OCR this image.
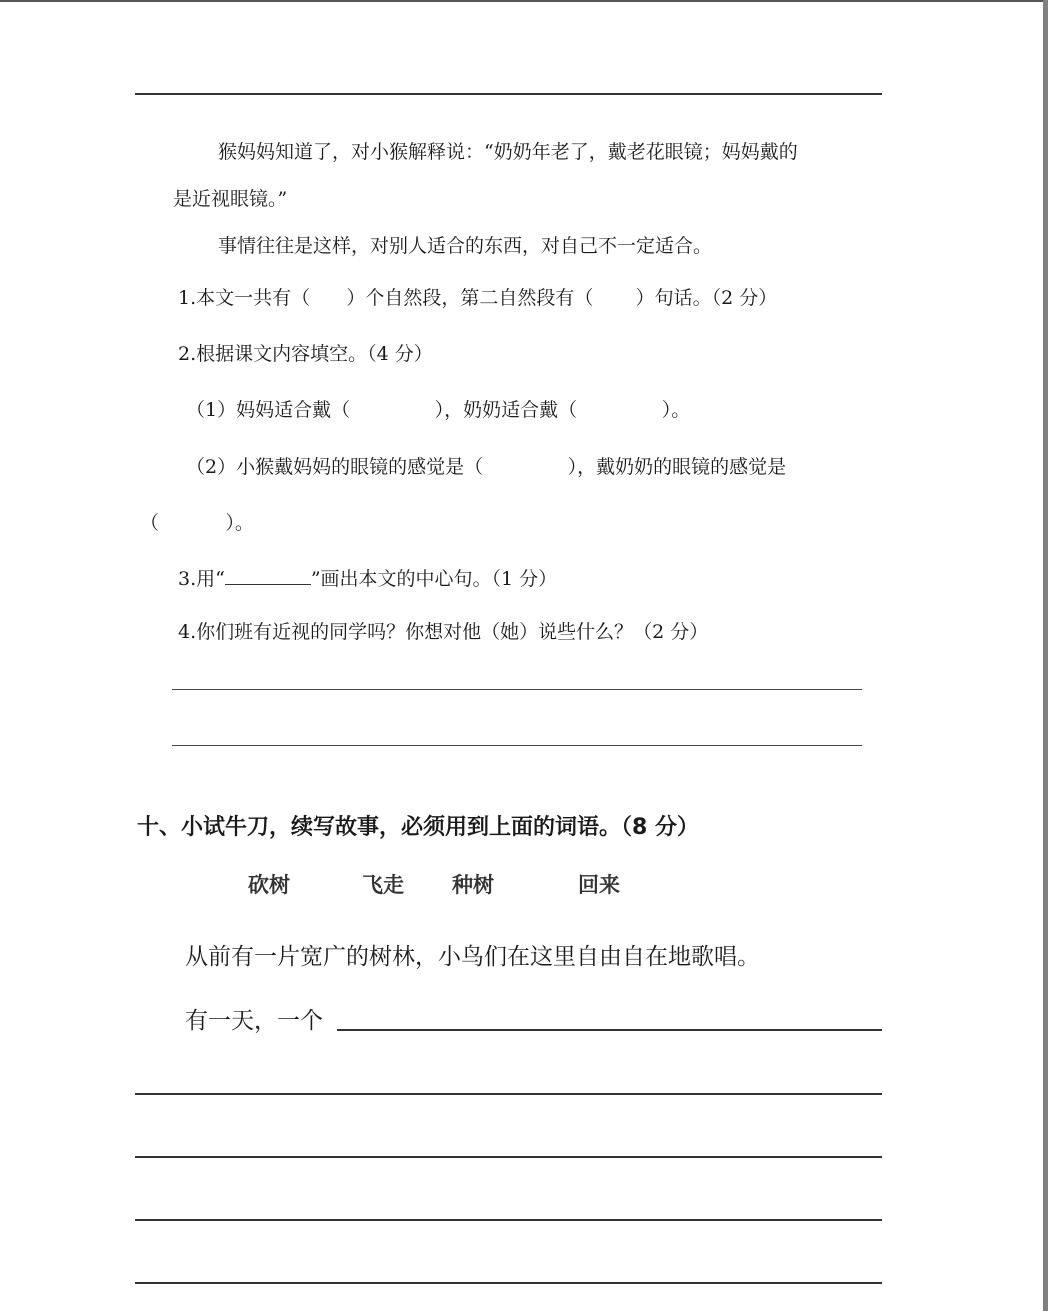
猴妈妈知道了，对小猴解释说：“奶奶年老了，戴老花眼镜；妈妈戴的
是近视眼镜。”
事情往往是这样，对别人适合的东西，对自己不一定适合。
1.本文一共有（      ）个自然段，第二自然段有（       ）句话。（2 分）
2.根据课文内容填空。（4 分）
（1）妈妈适合戴（              ），奶奶适合戴（              ）。
（2）小猴戴妈妈的眼镜的感觉是（              ），戴奶奶的眼镜的感觉是
（           ）。
3.用“	”画出本文的中心句。（1 分）
4.你们班有近视的同学吗？你想对他（她）说些什么？（2 分）
十、小试牛刀，续写故事，必须用到上面的词语。（8 分）
砍树	飞走 种树	回来
从前有一片宽广的树林，小鸟们在这里自由自在地歌唱。
有一天，一个
